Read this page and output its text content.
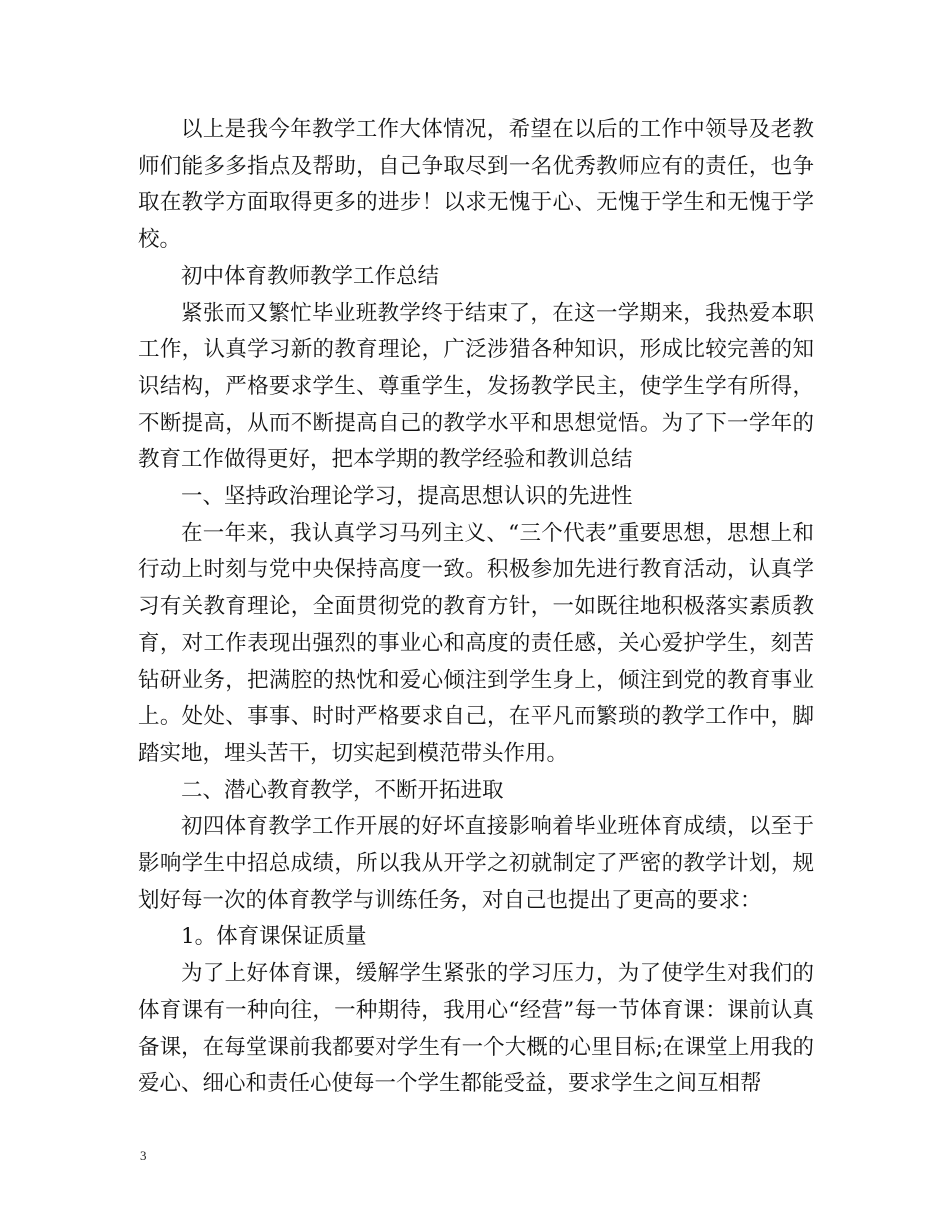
以上是我今年教学工作大体情况，希望在以后的工作中领导及老教师们能多多指点及帮助，自己争取尽到一名优秀教师应有的责任，也争取在教学方面取得更多的进步！以求无愧于心、无愧于学生和无愧于学校。

初中体育教师教学工作总结

紧张而又繁忙毕业班教学终于结束了，在这一学期来，我热爱本职工作，认真学习新的教育理论，广泛涉猎各种知识，形成比较完善的知识结构，严格要求学生、尊重学生，发扬教学民主，使学生学有所得，不断提高，从而不断提高自己的教学水平和思想觉悟。为了下一学年的教育工作做得更好，把本学期的教学经验和教训总结

一、坚持政治理论学习，提高思想认识的先进性

在一年来，我认真学习马列主义、“三个代表”重要思想，思想上和行动上时刻与党中央保持高度一致。积极参加先进行教育活动，认真学习有关教育理论，全面贯彻党的教育方针，一如既往地积极落实素质教育，对工作表现出强烈的事业心和高度的责任感，关心爱护学生，刻苦钻研业务，把满腔的热忱和爱心倾注到学生身上，倾注到党的教育事业上。处处、事事、时时严格要求自己，在平凡而繁琐的教学工作中，脚踏实地，埋头苦干，切实起到模范带头作用。

二、潜心教育教学，不断开拓进取

初四体育教学工作开展的好坏直接影响着毕业班体育成绩，以至于影响学生中招总成绩，所以我从开学之初就制定了严密的教学计划，规划好每一次的体育教学与训练任务，对自己也提出了更高的要求：

1。体育课保证质量

为了上好体育课，缓解学生紧张的学习压力，为了使学生对我们的体育课有一种向往，一种期待，我用心“经营”每一节体育课：课前认真备课，在每堂课前我都要对学生有一个大概的心里目标;在课堂上用我的爱心、细心和责任心使每一个学生都能受益，要求学生之间互相帮

3
